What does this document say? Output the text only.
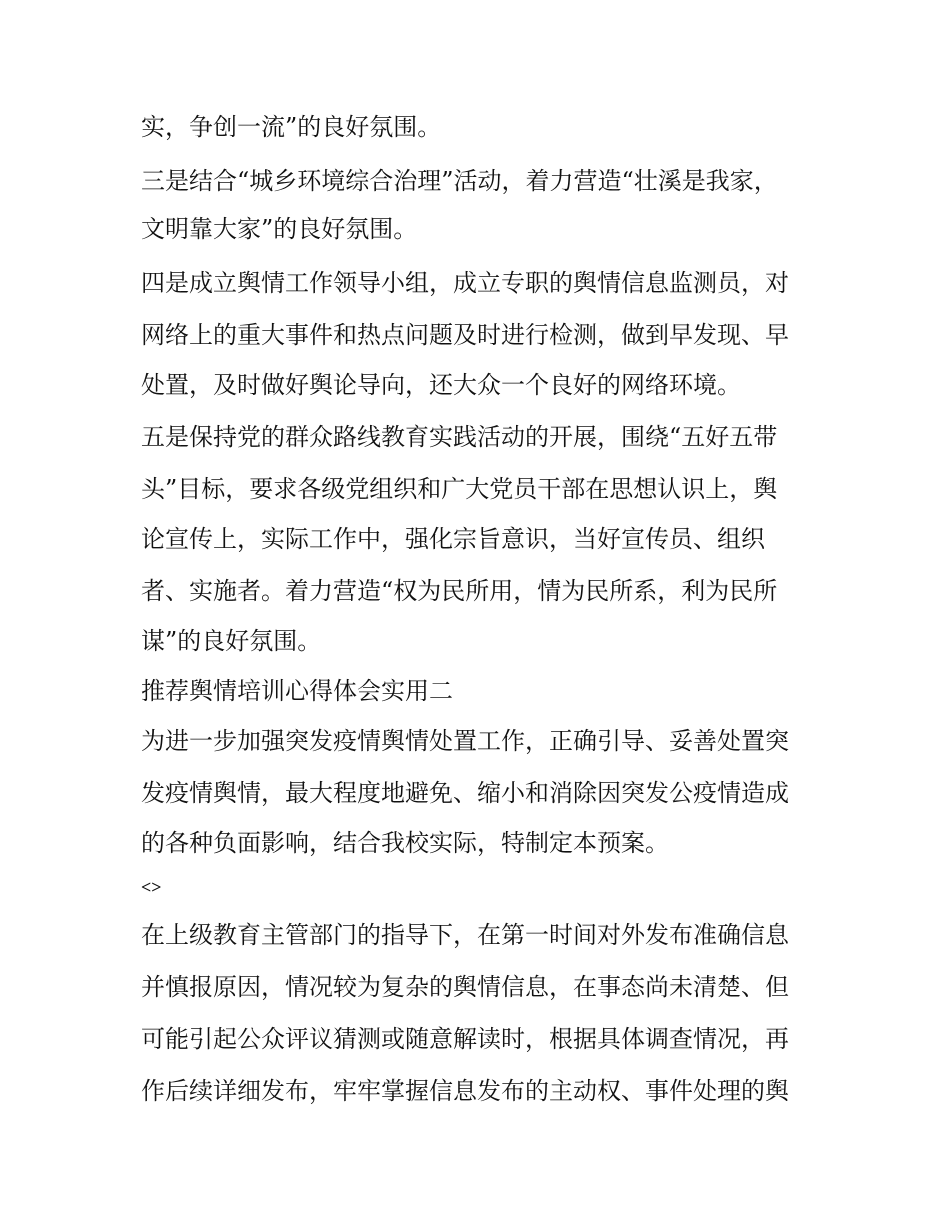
实，争创一流”的良好氛围。
三是结合“城乡环境综合治理”活动，着力营造“壮溪是我家，
文明靠大家”的良好氛围。
四是成立舆情工作领导小组，成立专职的舆情信息监测员，对
网络上的重大事件和热点问题及时进行检测，做到早发现、早
处置，及时做好舆论导向，还大众一个良好的网络环境。
五是保持党的群众路线教育实践活动的开展，围绕“五好五带
头”目标，要求各级党组织和广大党员干部在思想认识上，舆
论宣传上，实际工作中，强化宗旨意识，当好宣传员、组织
者、实施者。着力营造“权为民所用，情为民所系，利为民所
谋”的良好氛围。
推荐舆情培训心得体会实用二
为进一步加强突发疫情舆情处置工作，正确引导、妥善处置突
发疫情舆情，最大程度地避免、缩小和消除因突发公疫情造成
的各种负面影响，结合我校实际，特制定本预案。
<>
在上级教育主管部门的指导下，在第一时间对外发布准确信息
并慎报原因，情况较为复杂的舆情信息，在事态尚未清楚、但
可能引起公众评议猜测或随意解读时，根据具体调查情况，再
作后续详细发布，牢牢掌握信息发布的主动权、事件处理的舆
